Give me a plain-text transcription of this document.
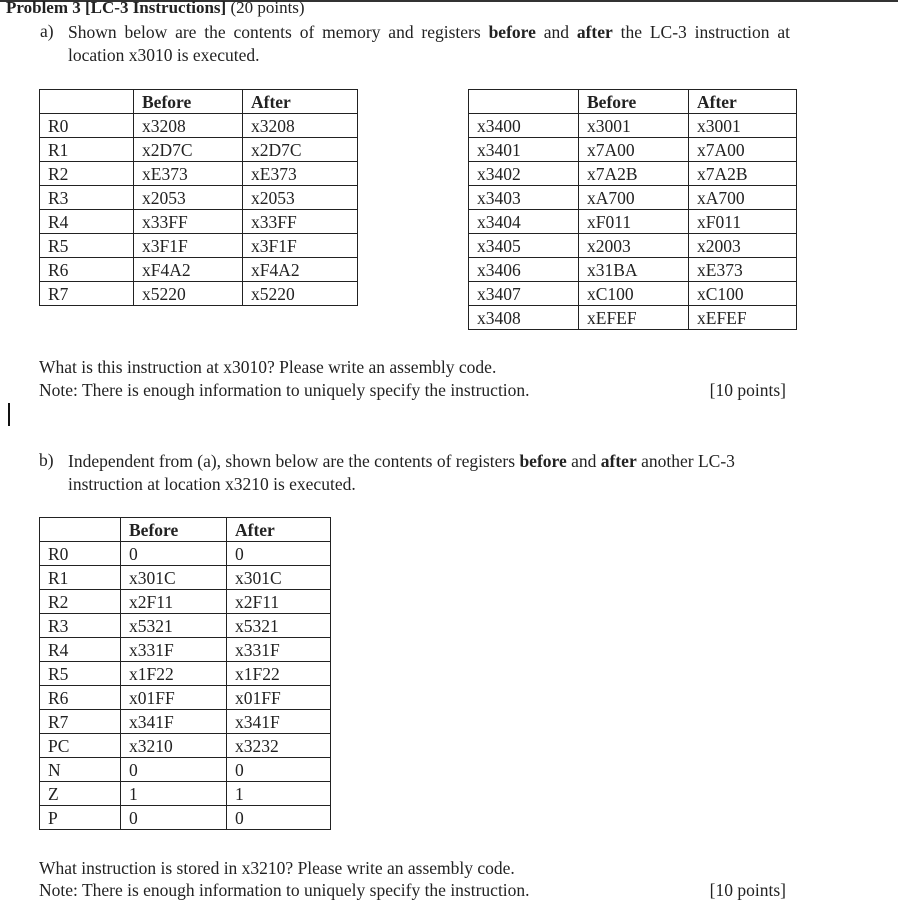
Problem 3 [LC-3 Instructions] (20 points)
a) Shown below are the contents of memory and registers before and after the LC-3 instruction at location x3010 is executed.
	Before	After
R0	x3208	x3208
R1	x2D7C	x2D7C
R2	xE373	xE373
R3	x2053	x2053
R4	x33FF	x33FF
R5	x3F1F	x3F1F
R6	xF4A2	xF4A2
R7	x5220	x5220
	Before	After
x3400	x3001	x3001
x3401	x7A00	x7A00
x3402	x7A2B	x7A2B
x3403	xA700	xA700
x3404	xF011	xF011
x3405	x2003	x2003
x3406	x31BA	xE373
x3407	xC100	xC100
x3408	xEFEF	xEFEF
What is this instruction at x3010? Please write an assembly code.
Note: There is enough information to uniquely specify the instruction.	[10 points]
b) Independent from (a), shown below are the contents of registers before and after another LC-3 instruction at location x3210 is executed.
	Before	After
R0	0	0
R1	x301C	x301C
R2	x2F11	x2F11
R3	x5321	x5321
R4	x331F	x331F
R5	x1F22	x1F22
R6	x01FF	x01FF
R7	x341F	x341F
PC	x3210	x3232
N	0	0
Z	1	1
P	0	0
What instruction is stored in x3210? Please write an assembly code.
Note: There is enough information to uniquely specify the instruction.	[10 points]
